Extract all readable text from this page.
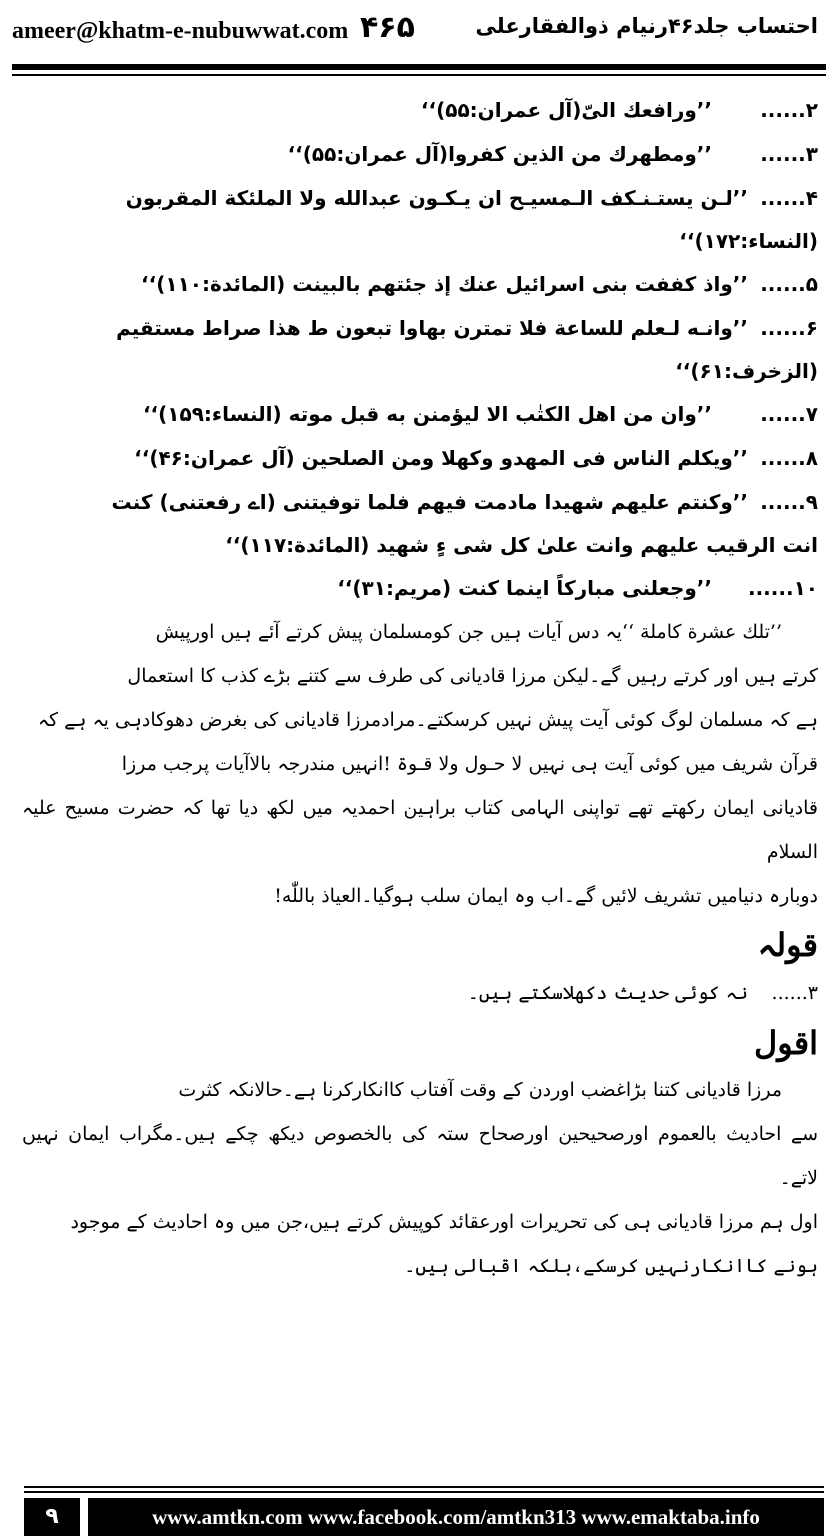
ameer@khatm-e-nubuwwat.com ۴۶۵	احتساب جلد۴۶رنیام ذوالفقارعلی

۲......’’ورافعك الیّ(آل عمران:۵۵)‘‘

۳......’’ومطهرك من الذین كفروا(آل عمران:۵۵)‘‘

۴......’’لـن یستـنـكف الـمسیـح ان یـكـون عبدالله ولا الملئكة المقربون

(النساء:۱۷۲)‘‘

۵......’’واذ كففت بنی اسرائیل عنك إذ جئتهم بالبینت (المائدة:۱۱۰)‘‘

۶......’’وانـه لـعلم للساعة فلا تمترن بهاوا تبعون ط هذا صراط مستقیم

(الزخرف:۶۱)‘‘

۷......’’وان من اهل الكتٰب الا لیؤمنن به قبل موته (النساء:۱۵۹)‘‘

۸......’’ویكلم الناس فی المهدو وكهلا ومن الصلحین (آل عمران:۴۶)‘‘

۹......’’وكنتم علیهم شهیدا مادمت فیهم فلما توفیتنی (اے رفعتنی) كنت

انت الرقیب علیهم وانت علیٰ كل شی ءٍ شهید (المائدة:۱۱۷)‘‘

۱۰......’’وجعلنی مباركاً اینما كنت (مریم:۳۱)‘‘

’’تلك عشرة كاملة ‘‘یہ دس آیات ہیں جن کومسلمان پیش کرتے آئے ہیں اورپیش

کرتے ہیں اور کرتے رہیں گے۔لیکن مرزا قادیانی کی طرف سے کتنے بڑے کذب کا استعمال

ہے کہ مسلمان لوگ کوئی آیت پیش نہیں کرسکتے۔مرادمرزا قادیانی کی بغرض دھوکادہی یہ ہے کہ

قرآن شریف میں کوئی آیت ہی نہیں لا حـول ولا قـوۃ !انہیں مندرجہ بالاآیات پرجب مرزا

قادیانی ایمان رکھتے تھے تواپنی الہامی کتاب براہین احمدیہ میں لکھ دیا تھا کہ حضرت مسیح علیہ السلام

دوبارہ دنیامیں تشریف لائیں گے۔اب وہ ایمان سلب ہوگیا۔العیاذ باللّٰه!

قولہ

۳......نہ کوئی حدیث دکھلاسکتے ہیں۔

اقول

مرزا قادیانی کتنا بڑاغضب اوردن کے وقت آفتاب کاانکارکرنا ہے۔حالانکہ کثرت

سے احادیث بالعموم اورصحیحین اورصحاح ستہ کی بالخصوص دیکھ چکے ہیں۔مگراب ایمان نہیں لاتے۔

اول ہم مرزا قادیانی ہی کی تحریرات اورعقائد کوپیش کرتے ہیں،جن میں وہ احادیث کے موجود

ہونے کاانکارنہیں کرسکے،بلکہ اقبالی ہیں۔

۹	www.amtkn.com www.facebook.com/amtkn313 www.emaktaba.info
